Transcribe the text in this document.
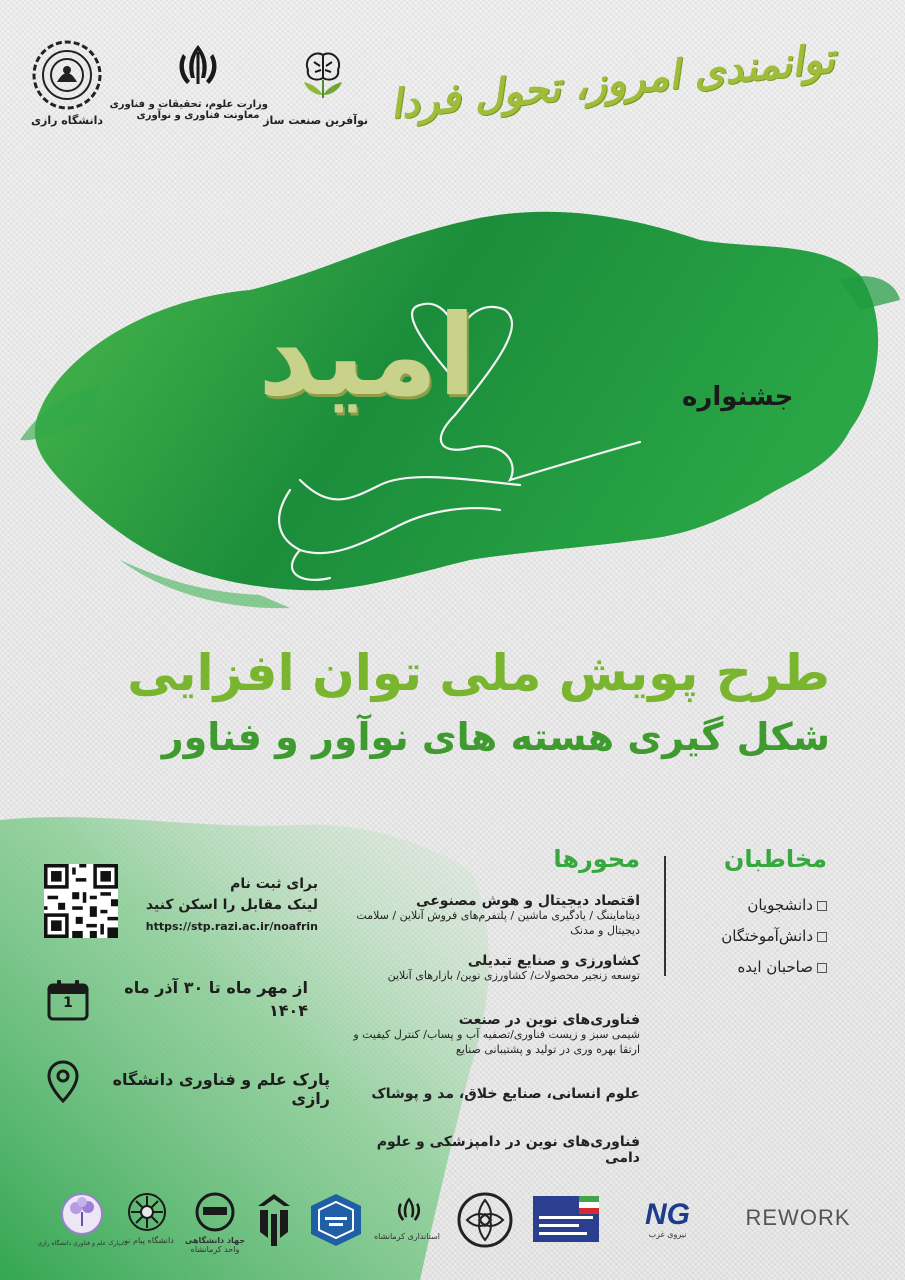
دانشگاه رازی
وزارت علوم، تحقیقات و فناوری
معاونت فناوری و نوآوری نوآفرین صنعت ساز توانمندی امروز، تحول فردا
امید	جشنواره
طرح پویش ملی توان افزایی
شکل گیری هسته های نوآور و فناور
مخاطبان
دانشجویان
دانش‌آموختگان
صاحبان ایده
محورها
اقتصاد دیجیتال و هوش مصنوعی
دیتامایننگ / یادگیری ماشین / پلتفرم‌های فروش آنلاین / سلامت دیجیتال و مدنک
کشاورزی و صنایع تبدیلی
توسعه زنجیر محصولات/ کشاورزی نوین/ بازارهای آنلاین
فناوری‌های نوین در صنعت
شیمی سبز و زیست فناوری/تصفیه آب و پساب/ کنترل کیفیت و ارتقا بهره وری در تولید و پشتیبانی صنایع
علوم انسانی، صنایع خلاق، مد و پوشاک
فناوری‌های نوین در دامپزشکی و علوم دامی
برای ثبت نام
لینک مقابل را اسکن کنید
https://stp.razi.ac.ir/noafrin
1
از مهر ماه تا ۳۰ آذر ماه
۱۴۰۴
پارک علم و فناوری دانشگاه رازی
REWORK
NG
نیروی غرب
استانداری کرمانشاه
جهاد دانشگاهی
واحد کرمانشاه
دانشگاه پیام نور
پارک علم و فناوری دانشگاه رازی
